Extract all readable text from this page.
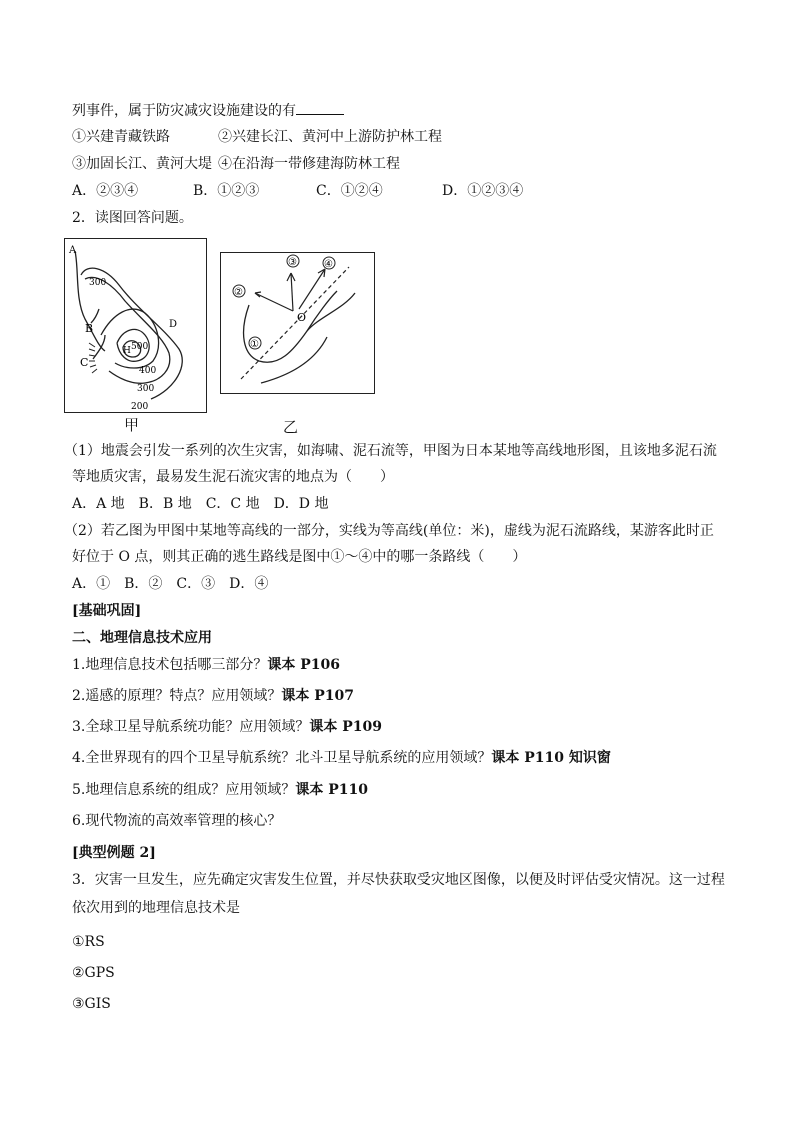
列事件，属于防灾减灾设施建设的有
①兴建青藏铁路	②兴建长江、黄河中上游防护林工程
③加固长江、黄河大堤 ④在沿海一带修建海防林工程
A．②③④	B．①②③	C．①②④	D．①②③④
2．读图回答问题。
A
B
C
D
H
300
500
400
300
200
甲
①
②
③	④
O
乙
（1）地震会引发一系列的次生灾害，如海啸、泥石流等，甲图为日本某地等高线地形图，且该地多泥石流
等地质灾害，最易发生泥石流灾害的地点为（　　）
A．A 地　B．B 地　C．C 地　D．D 地
（2）若乙图为甲图中某地等高线的一部分，实线为等高线(单位：米)，虚线为泥石流路线，某游客此时正
好位于 O 点，则其正确的逃生路线是图中①～④中的哪一条路线（　　）
A．①　B．②　C．③　D．④
[基础巩固]
二、地理信息技术应用
1.地理信息技术包括哪三部分？课本 P106
2.遥感的原理？特点？应用领域？课本 P107
3.全球卫星导航系统功能？应用领域？课本 P109
4.全世界现有的四个卫星导航系统？北斗卫星导航系统的应用领域？课本 P110 知识窗
5.地理信息系统的组成？应用领域？课本 P110
6.现代物流的高效率管理的核心？
[典型例题 2]
3．灾害一旦发生，应先确定灾害发生位置，并尽快获取受灾地区图像，以便及时评估受灾情况。这一过程
依次用到的地理信息技术是
①RS
②GPS
③GIS
